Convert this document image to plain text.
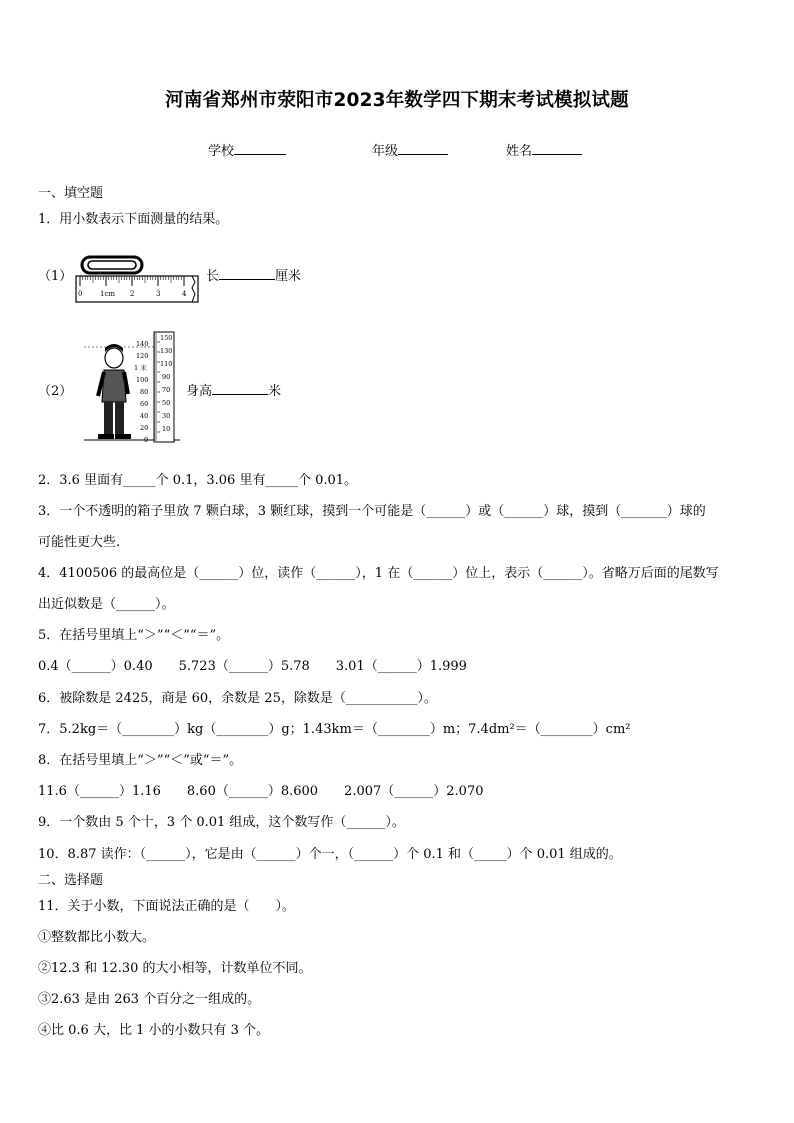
河南省郑州市荥阳市2023年数学四下期末考试模拟试题
学校	年级	姓名
一、填空题
1．用小数表示下面测量的结果。
（1）
0	1cm 2	3	4
长	厘米
（2）
140
120
1 米
100
80
60
40
20
0
150
130
110
90
70
50
30
10
身高	米
2．3.6 里面有_____个 0.1，3.06 里有_____个 0.01。
3．一个不透明的箱子里放 7 颗白球，3 颗红球，摸到一个可能是（______）或（______）球，摸到（_______）球的
可能性更大些.
4．4100506 的最高位是（______）位，读作（______），1 在（______）位上，表示（______）。省略万后面的尾数写
出近似数是（______）。
5．在括号里填上“＞”“＜”“＝”。
0.4（______）0.40　　5.723（______）5.78　　3.01（______）1.999
6．被除数是 2425，商是 60，余数是 25，除数是（___________）。
7．5.2kg＝（________）kg（________）g；1.43km＝（________）m；7.4dm²＝（________）cm²
8．在括号里填上“＞”“＜”或“＝”。
11.6（______）1.16　　8.60（______）8.600　　2.007（______）2.070
9．一个数由 5 个十，3 个 0.01 组成，这个数写作（______）。
10．8.87 读作：（______），它是由（______）个一，（______）个 0.1 和（_____）个 0.01 组成的。
二、选择题
11．关于小数，下面说法正确的是（　　）。
①整数都比小数大。
②12.3 和 12.30 的大小相等，计数单位不同。
③2.63 是由 263 个百分之一组成的。
④比 0.6 大，比 1 小的小数只有 3 个。
